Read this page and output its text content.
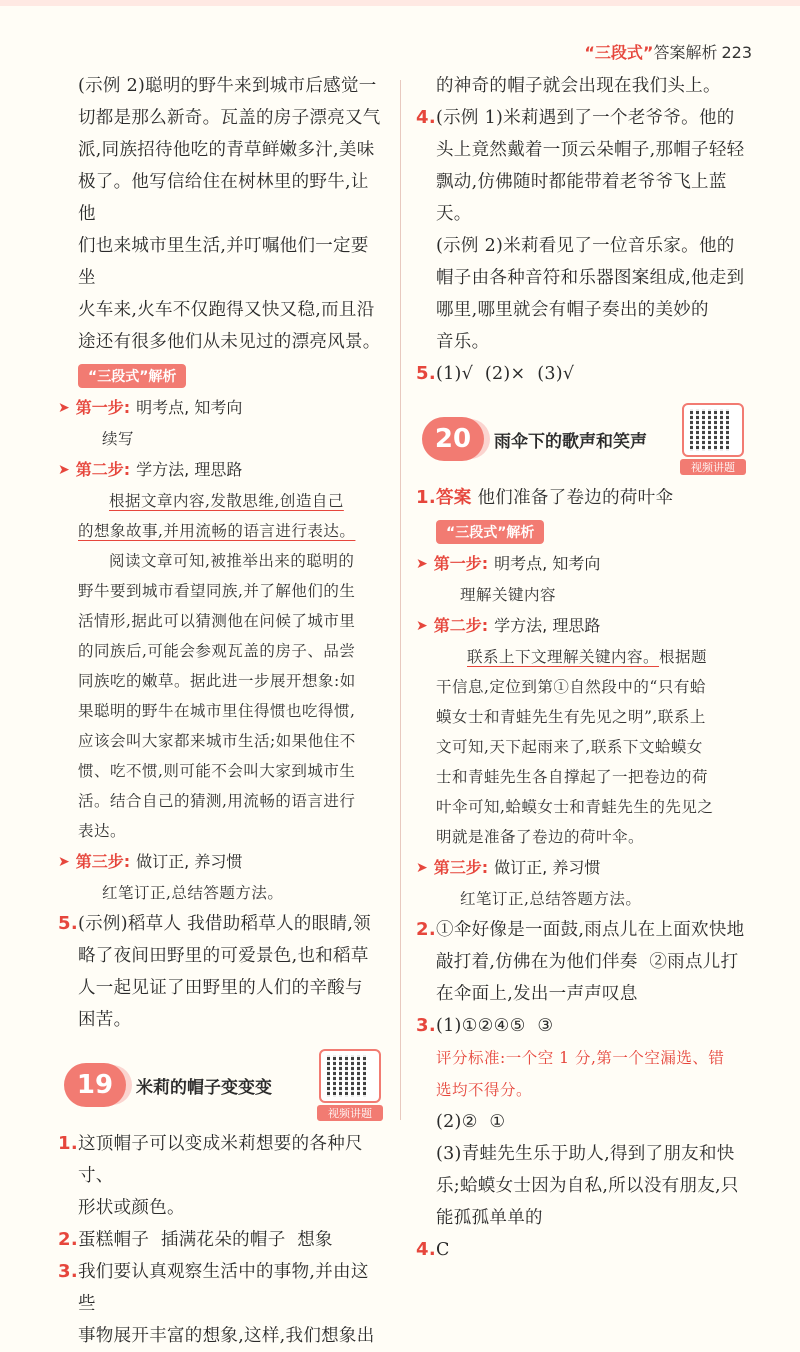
“三段式”答案解析 223

(示例 2)聪明的野牛来到城市后感觉一

切都是那么新奇。瓦盖的房子漂亮又气

派,同族招待他吃的青草鲜嫩多汁,美味

极了。他写信给住在树林里的野牛,让他

们也来城市里生活,并叮嘱他们一定要坐

火车来,火车不仅跑得又快又稳,而且沿

途还有很多他们从未见过的漂亮风景。

“三段式”解析
➤ 第一步: 明考点, 知考向

续写

➤ 第二步: 学方法, 理思路

根据文章内容,发散思维,创造自己

的想象故事,并用流畅的语言进行表达。

阅读文章可知,被推举出来的聪明的

野牛要到城市看望同族,并了解他们的生

活情形,据此可以猜测他在问候了城市里

的同族后,可能会参观瓦盖的房子、品尝

同族吃的嫩草。据此进一步展开想象:如

果聪明的野牛在城市里住得惯也吃得惯,

应该会叫大家都来城市生活;如果他住不

惯、吃不惯,则可能不会叫大家到城市生

活。结合自己的猜测,用流畅的语言进行

表达。

➤ 第三步: 做订正, 养习惯

红笔订正,总结答题方法。

5. (示例)稻草人 我借助稻草人的眼睛,领

略了夜间田野里的可爱景色,也和稻草

人一起见证了田野里的人们的辛酸与

困苦。

19	米莉的帽子变变变
视频讲题
1. 这顶帽子可以变成米莉想要的各种尺寸、

形状或颜色。

2. 蛋糕帽子  插满花朵的帽子  想象

3. 我们要认真观察生活中的事物,并由这些

事物展开丰富的想象,这样,我们想象出

的神奇的帽子就会出现在我们头上。

4. (示例 1)米莉遇到了一个老爷爷。他的

头上竟然戴着一顶云朵帽子,那帽子轻轻

飘动,仿佛随时都能带着老爷爷飞上蓝天。

(示例 2)米莉看见了一位音乐家。他的

帽子由各种音符和乐器图案组成,他走到

哪里,哪里就会有帽子奏出的美妙的

音乐。

5. (1)√  (2)×  (3)√

20	雨伞下的歌声和笑声
视频讲题
1. 答案 他们准备了卷边的荷叶伞

“三段式”解析
➤ 第一步: 明考点, 知考向

理解关键内容

➤ 第二步: 学方法, 理思路

联系上下文理解关键内容。根据题

干信息,定位到第①自然段中的“只有蛤

蟆女士和青蛙先生有先见之明”,联系上

文可知,天下起雨来了,联系下文蛤蟆女

士和青蛙先生各自撑起了一把卷边的荷

叶伞可知,蛤蟆女士和青蛙先生的先见之

明就是准备了卷边的荷叶伞。

➤ 第三步: 做订正, 养习惯

红笔订正,总结答题方法。

2. ①伞好像是一面鼓,雨点儿在上面欢快地

敲打着,仿佛在为他们伴奏  ②雨点儿打

在伞面上,发出一声声叹息

3. (1)①②④⑤  ③

评分标准:一个空 1 分,第一个空漏选、错

选均不得分。

(2)②  ①

(3)青蛙先生乐于助人,得到了朋友和快

乐;蛤蟆女士因为自私,所以没有朋友,只

能孤孤单单的

4. C
